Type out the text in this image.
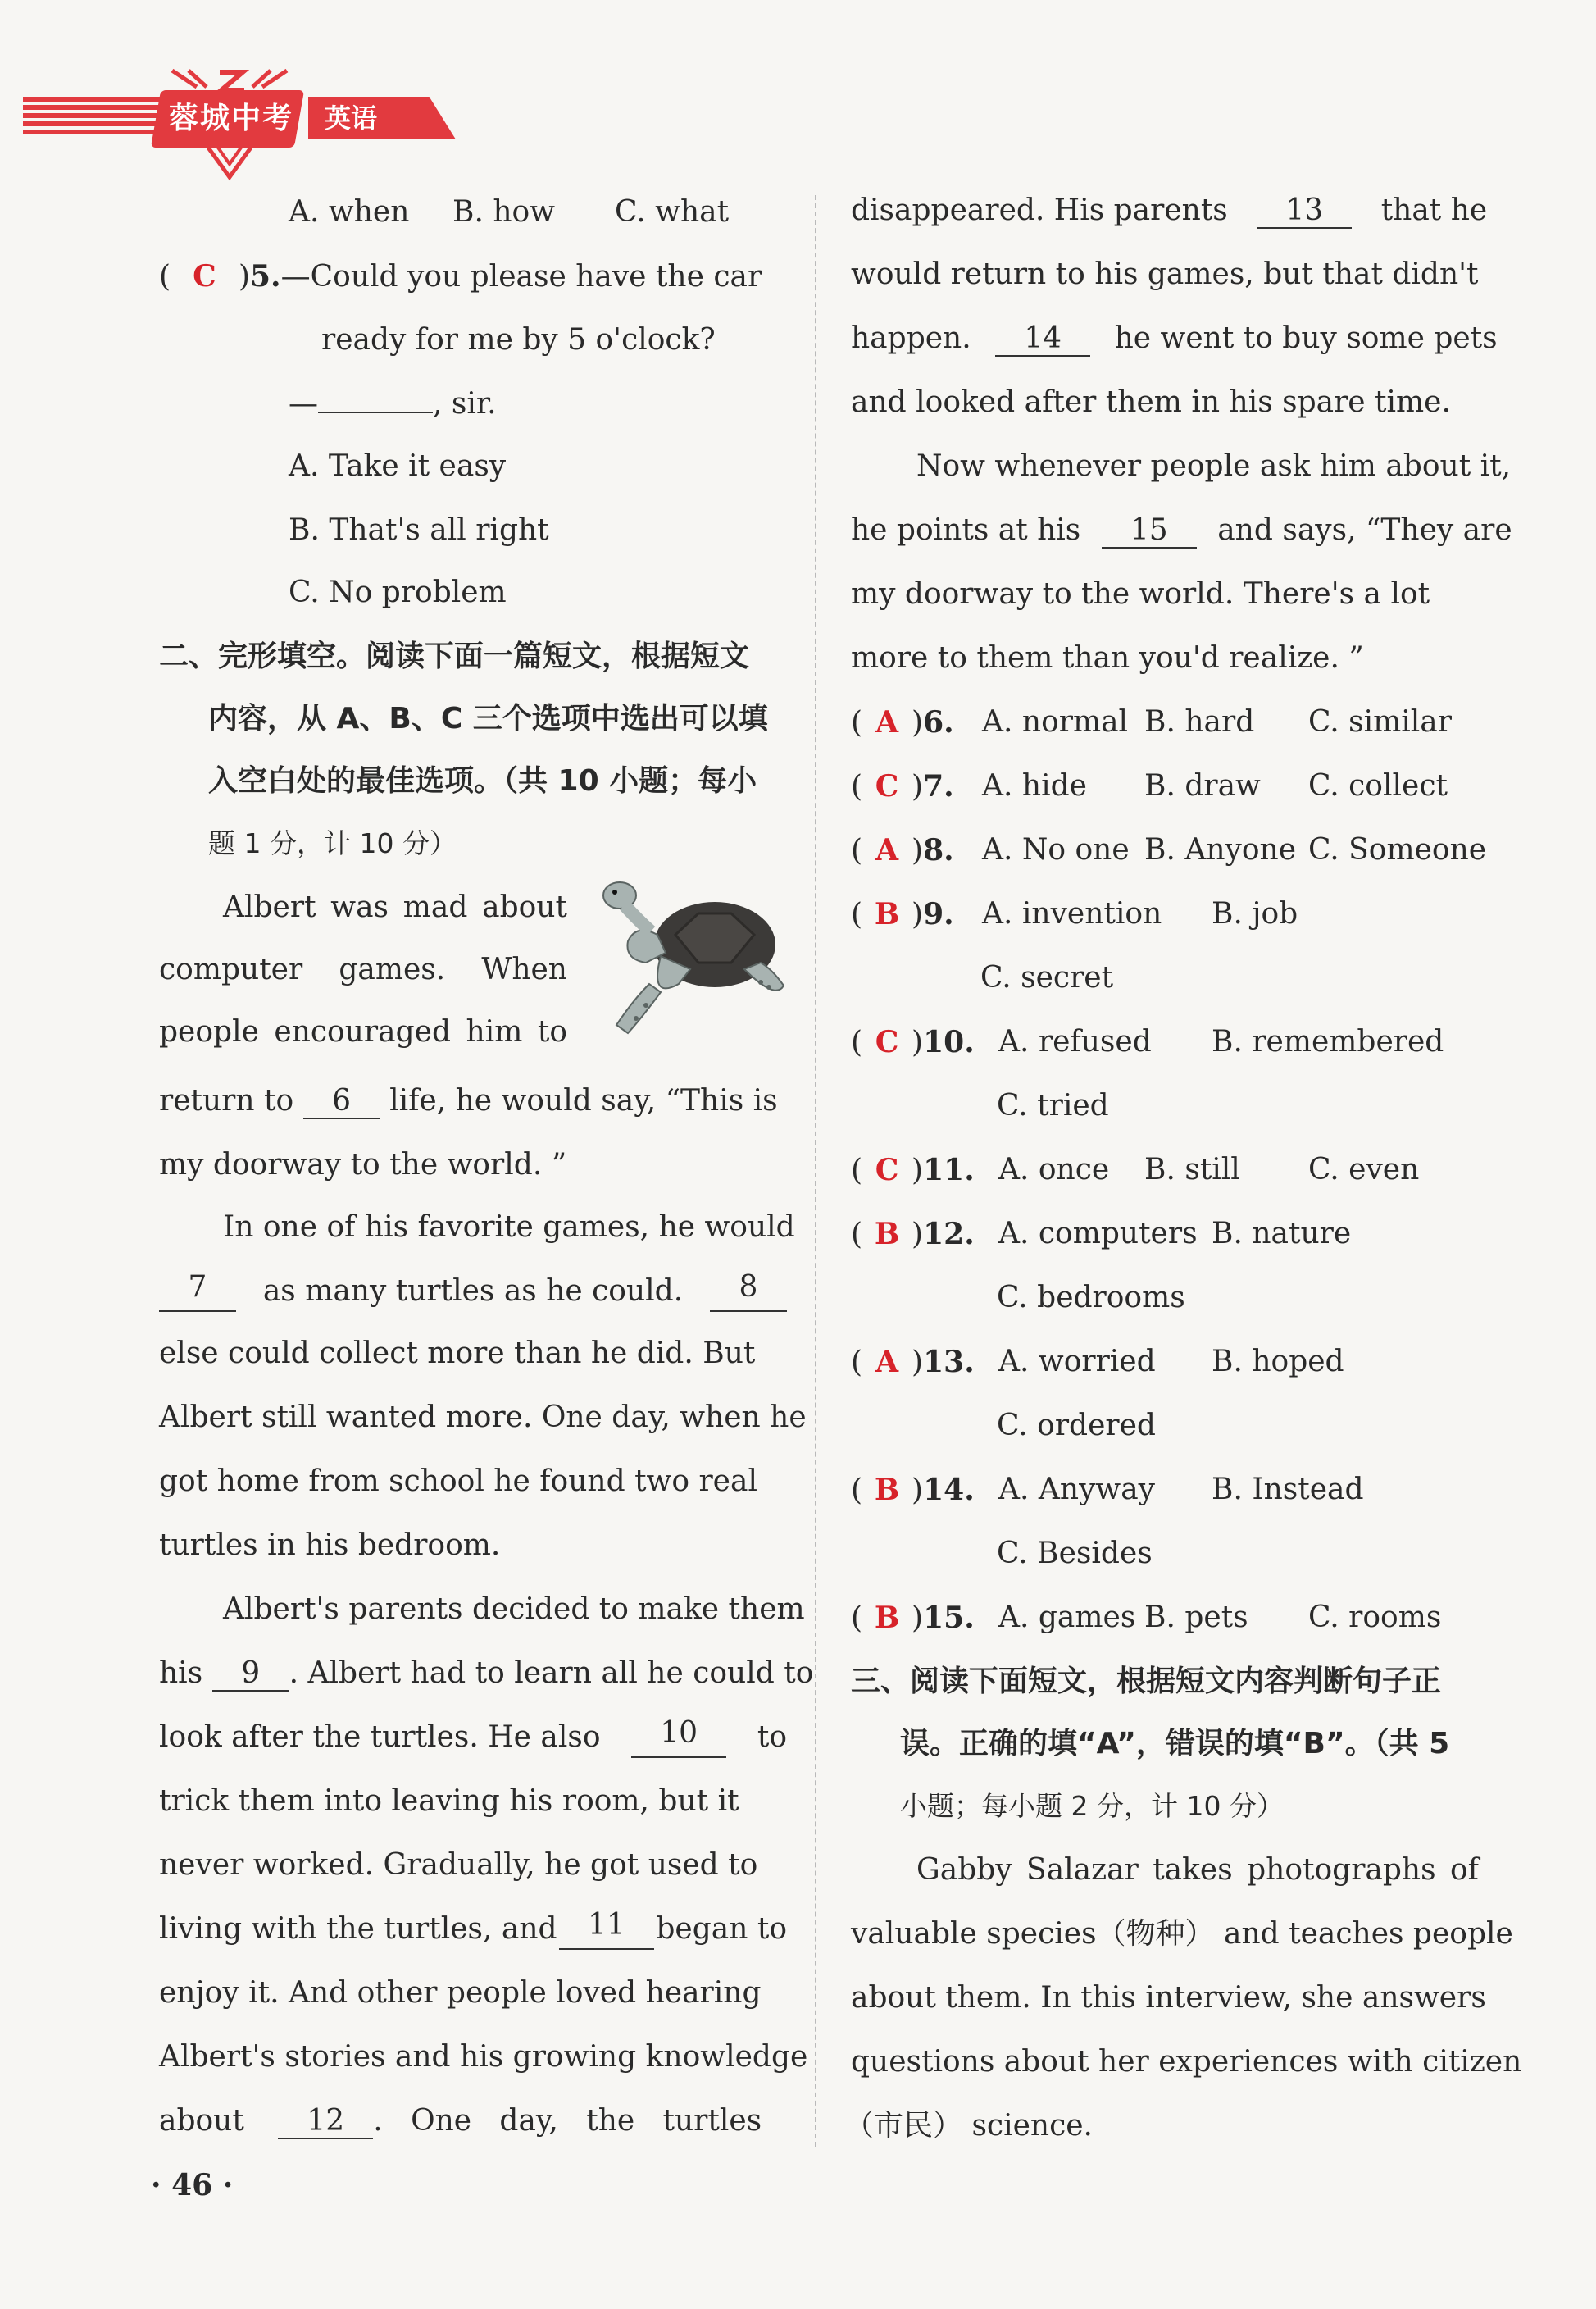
蓉城中考 英语
A. when B. how C. what
( C )5.—Could you please have the car
ready for me by 5 o'clock?
—	, sir.
A. Take it easy
B. That's all right
C. No problem
二、完形填空。阅读下面一篇短文，根据短文
内容，从 A、B、C 三个选项中选出可以填
入空白处的最佳选项。（共 10 小题；每小
题 1 分，计 10 分）
Albert was mad about
computer games. When
people encouraged him to
return to 6 life, he would say, “This is
my doorway to the world. ”
In one of his favorite games, he would
7	as many turtles as he could.	8
else could collect more than he did. But
Albert still wanted more. One day, when he
got home from school he found two real
turtles in his bedroom.
Albert's parents decided to make them
his 9 . Albert had to learn all he could to
look after the turtles. He also	10	to
trick them into leaving his room, but it
never worked. Gradually, he got used to
living with the turtles, and	11	began to
enjoy it. And other people loved hearing
Albert's stories and his growing knowledge
about 12 .   One   day,   the   turtles
· 46 ·
disappeared. His parents 13 that he
would return to his games, but that didn't
happen. 14 he went to buy some pets
and looked after them in his spare time.
Now whenever people ask him about it,
he points at his 15 and says, “They are
my doorway to the world. There's a lot
more to them than you'd realize. ”
( A )6. A. normal B. hard C. similar
( C )7. A. hide B. draw C. collect
( A )8. A. No one B. Anyone C. Someone
( B )9. A. invention B. job
C. secret
( C )10. A. refused B. remembered
C. tried
( C )11. A. once B. still C. even
( B )12. A. computers B. nature
C. bedrooms
( A )13. A. worried B. hoped
C. ordered
( B )14. A. Anyway B. Instead
C. Besides
( B )15. A. games B. pets C. rooms
三、阅读下面短文，根据短文内容判断句子正
误。正确的填“A”，错误的填“B”。（共 5
小题；每小题 2 分，计 10 分）
Gabby Salazar takes photographs of
valuable species（物种） and teaches people
about them. In this interview, she answers
questions about her experiences with citizen
（市民） science.
